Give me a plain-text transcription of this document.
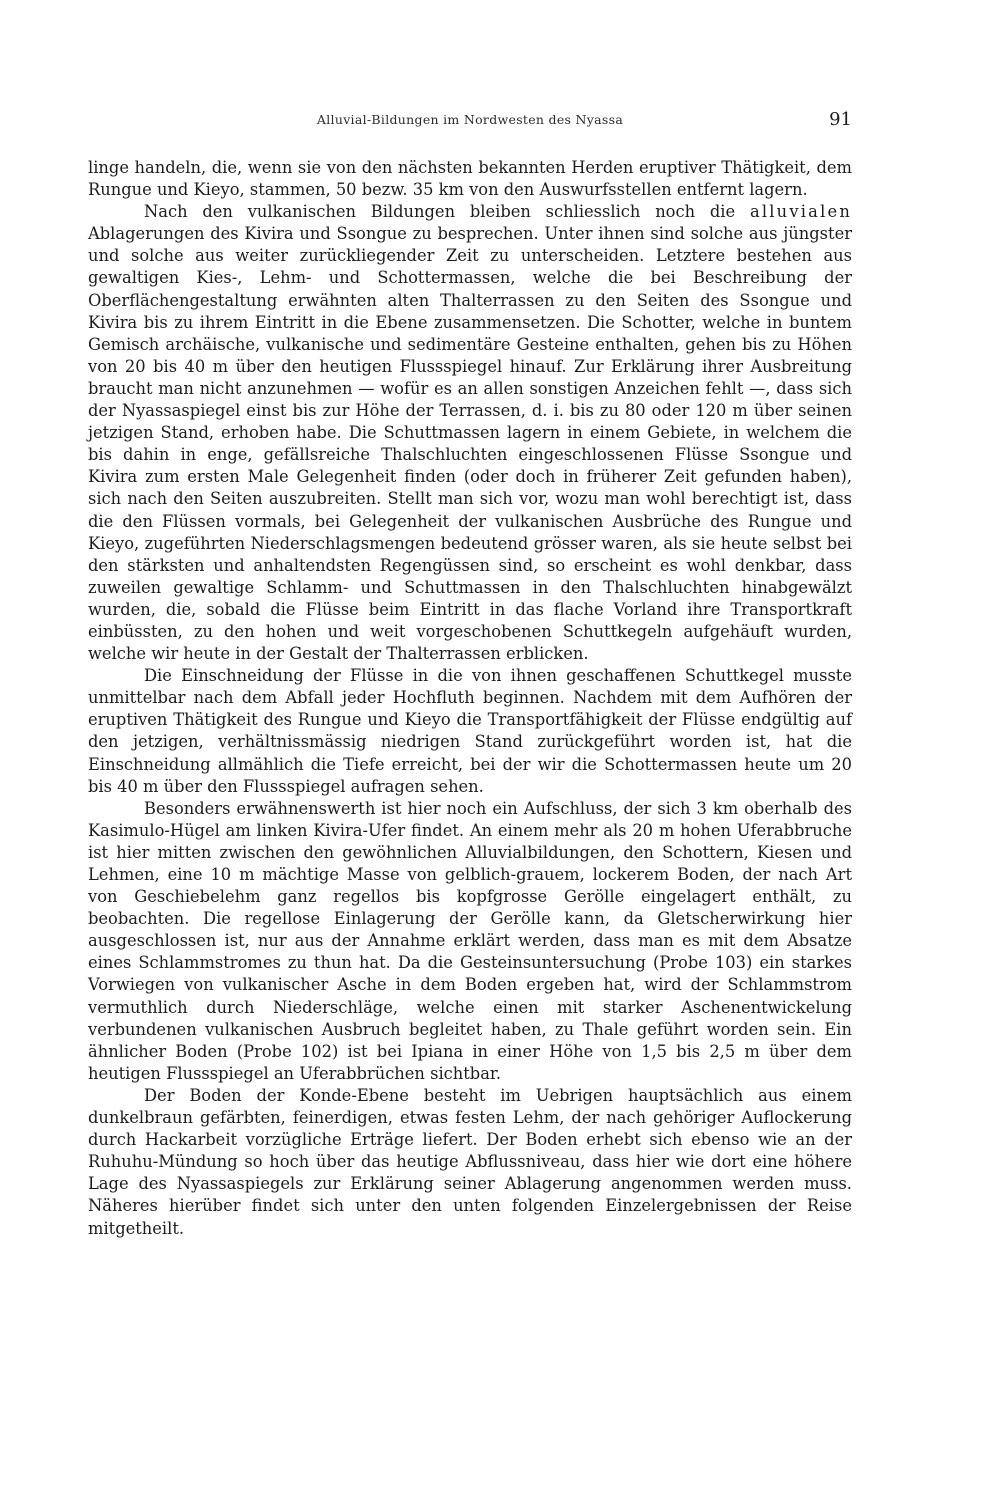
Alluvial-Bildungen im Nordwesten des Nyassa	91

linge handeln, die, wenn sie von den nächsten bekannten Herden eruptiver Thätigkeit, dem Rungue und Kieyo, stammen, 50 bezw. 35 km von den Auswurfsstellen entfernt lagern.

Nach den vulkanischen Bildungen bleiben schliesslich noch die alluvialen Ablagerungen des Kivira und Ssongue zu besprechen. Unter ihnen sind solche aus jüngster und solche aus weiter zurückliegender Zeit zu unterscheiden. Letztere bestehen aus gewaltigen Kies-, Lehm- und Schottermassen, welche die bei Beschreibung der Oberflächengestaltung erwähnten alten Thalterrassen zu den Seiten des Ssongue und Kivira bis zu ihrem Eintritt in die Ebene zusammensetzen. Die Schotter, welche in buntem Gemisch archäische, vulkanische und sedimentäre Gesteine enthalten, gehen bis zu Höhen von 20 bis 40 m über den heutigen Flussspiegel hinauf. Zur Erklärung ihrer Ausbreitung braucht man nicht anzunehmen — wofür es an allen sonstigen Anzeichen fehlt —, dass sich der Nyassaspiegel einst bis zur Höhe der Terrassen, d. i. bis zu 80 oder 120 m über seinen jetzigen Stand, erhoben habe. Die Schuttmassen lagern in einem Gebiete, in welchem die bis dahin in enge, gefällsreiche Thalschluchten eingeschlossenen Flüsse Ssongue und Kivira zum ersten Male Gelegenheit finden (oder doch in früherer Zeit gefunden haben), sich nach den Seiten auszubreiten. Stellt man sich vor, wozu man wohl berechtigt ist, dass die den Flüssen vormals, bei Gelegenheit der vulkanischen Ausbrüche des Rungue und Kieyo, zugeführten Niederschlagsmengen bedeutend grösser waren, als sie heute selbst bei den stärksten und anhaltendsten Regengüssen sind, so erscheint es wohl denkbar, dass zuweilen gewaltige Schlamm- und Schuttmassen in den Thalschluchten hinabgewälzt wurden, die, sobald die Flüsse beim Eintritt in das flache Vorland ihre Transportkraft einbüssten, zu den hohen und weit vorgeschobenen Schuttkegeln aufgehäuft wurden, welche wir heute in der Gestalt der Thalterrassen erblicken.

Die Einschneidung der Flüsse in die von ihnen geschaffenen Schuttkegel musste unmittelbar nach dem Abfall jeder Hochfluth beginnen. Nachdem mit dem Aufhören der eruptiven Thätigkeit des Rungue und Kieyo die Transportfähigkeit der Flüsse endgültig auf den jetzigen, verhältnissmässig niedrigen Stand zurückgeführt worden ist, hat die Einschneidung allmählich die Tiefe erreicht, bei der wir die Schottermassen heute um 20 bis 40 m über den Flussspiegel aufragen sehen.

Besonders erwähnenswerth ist hier noch ein Aufschluss, der sich 3 km oberhalb des Kasimulo-Hügel am linken Kivira-Ufer findet. An einem mehr als 20 m hohen Uferabbruche ist hier mitten zwischen den gewöhnlichen Alluvialbildungen, den Schottern, Kiesen und Lehmen, eine 10 m mächtige Masse von gelblich-grauem, lockerem Boden, der nach Art von Geschiebelehm ganz regellos bis kopfgrosse Gerölle eingelagert enthält, zu beobachten. Die regellose Einlagerung der Gerölle kann, da Gletscherwirkung hier ausgeschlossen ist, nur aus der Annahme erklärt werden, dass man es mit dem Absatze eines Schlammstromes zu thun hat. Da die Gesteinsuntersuchung (Probe 103) ein starkes Vorwiegen von vulkanischer Asche in dem Boden ergeben hat, wird der Schlammstrom vermuthlich durch Niederschläge, welche einen mit starker Aschenentwickelung verbundenen vulkanischen Ausbruch begleitet haben, zu Thale geführt worden sein. Ein ähnlicher Boden (Probe 102) ist bei Ipiana in einer Höhe von 1,5 bis 2,5 m über dem heutigen Flussspiegel an Uferabbrüchen sichtbar.

Der Boden der Konde-Ebene besteht im Uebrigen hauptsächlich aus einem dunkelbraun gefärbten, feinerdigen, etwas festen Lehm, der nach gehöriger Auflockerung durch Hackarbeit vorzügliche Erträge liefert. Der Boden erhebt sich ebenso wie an der Ruhuhu-Mündung so hoch über das heutige Abflussniveau, dass hier wie dort eine höhere Lage des Nyassaspiegels zur Erklärung seiner Ablagerung angenommen werden muss. Näheres hierüber findet sich unter den unten folgenden Einzelergebnissen der Reise mitgetheilt.
